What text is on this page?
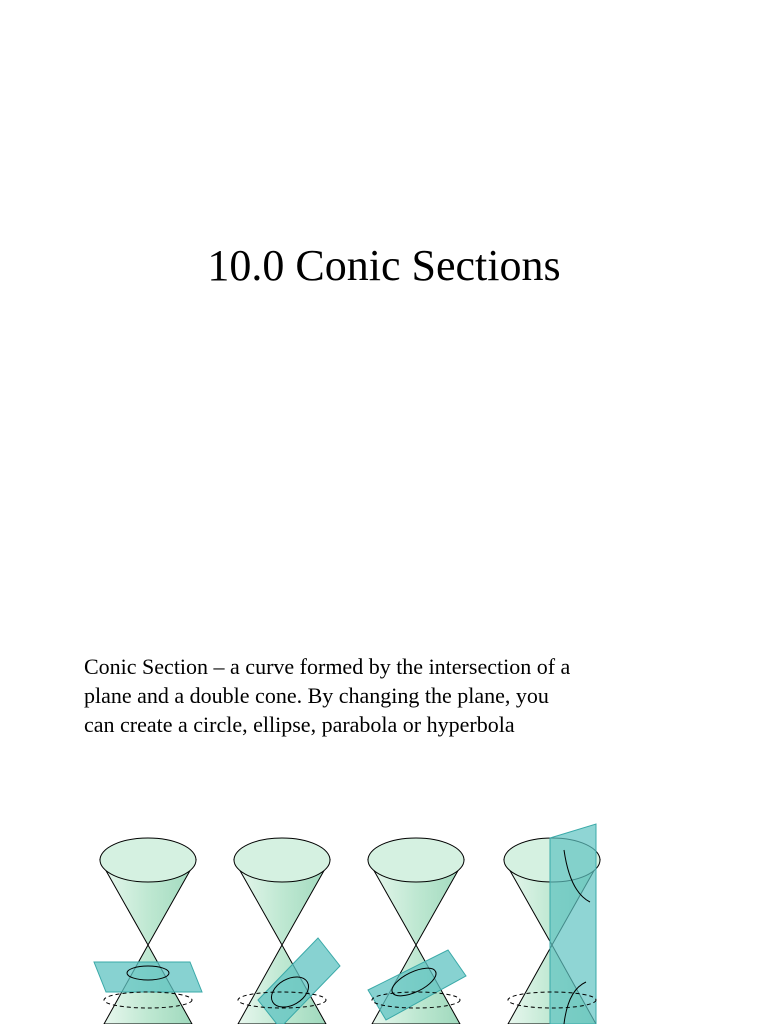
10.0 Conic Sections
Conic Section – a curve formed by the intersection of a
plane and a double cone. By changing the plane, you
can create a circle, ellipse, parabola or hyperbola
